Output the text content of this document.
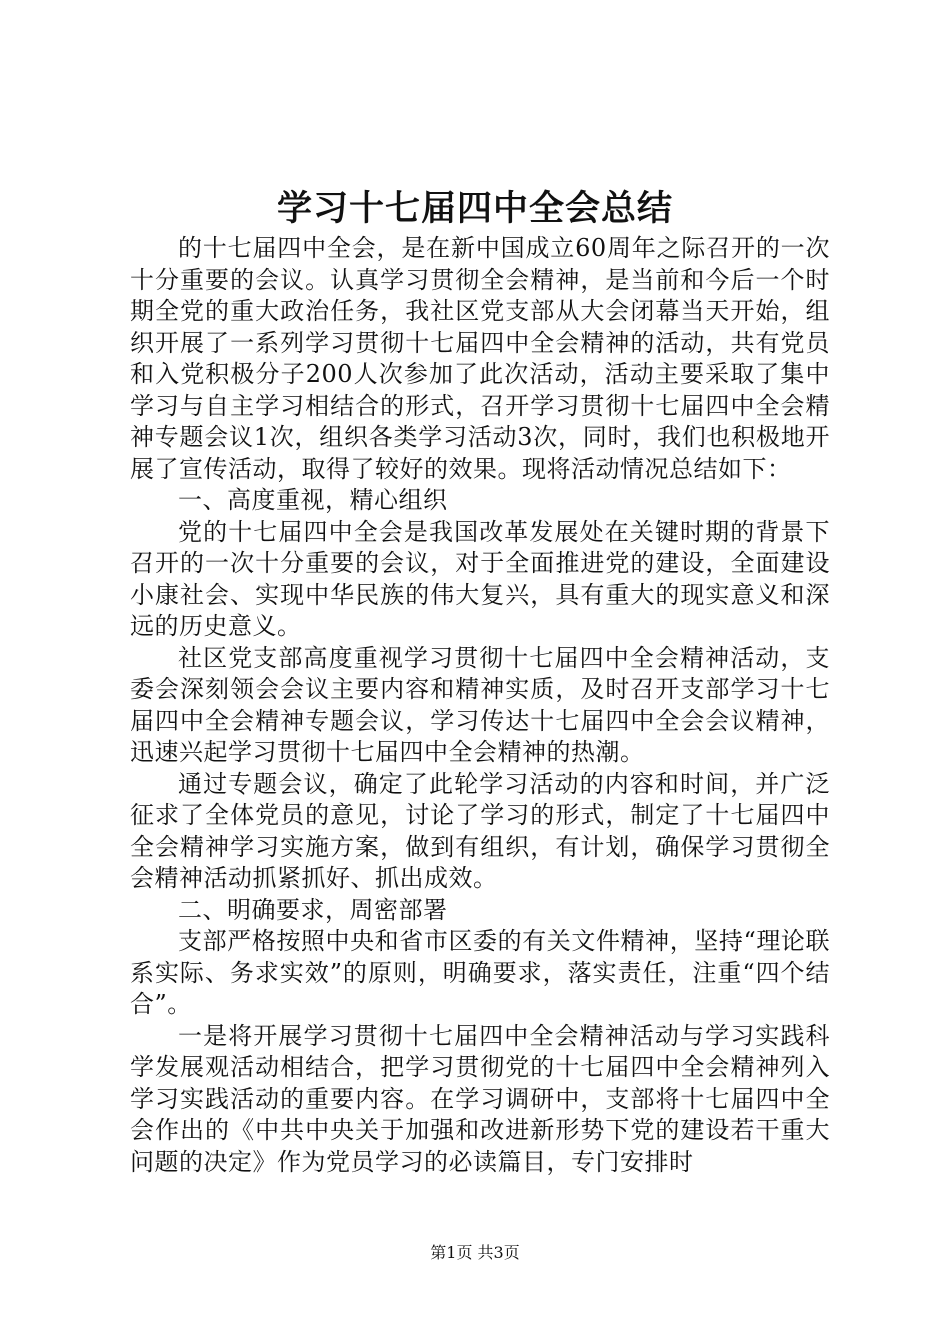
学习十七届四中全会总结

的十七届四中全会，是在新中国成立60周年之际召开的一次十分重要的会议。认真学习贯彻全会精神，是当前和今后一个时期全党的重大政治任务，我社区党支部从大会闭幕当天开始，组织开展了一系列学习贯彻十七届四中全会精神的活动，共有党员和入党积极分子200人次参加了此次活动，活动主要采取了集中学习与自主学习相结合的形式，召开学习贯彻十七届四中全会精神专题会议1次，组织各类学习活动3次，同时，我们也积极地开展了宣传活动，取得了较好的效果。现将活动情况总结如下：

一、高度重视，精心组织

党的十七届四中全会是我国改革发展处在关键时期的背景下召开的一次十分重要的会议，对于全面推进党的建设，全面建设小康社会、实现中华民族的伟大复兴，具有重大的现实意义和深远的历史意义。

社区党支部高度重视学习贯彻十七届四中全会精神活动，支委会深刻领会会议主要内容和精神实质，及时召开支部学习十七届四中全会精神专题会议，学习传达十七届四中全会会议精神，迅速兴起学习贯彻十七届四中全会精神的热潮。

通过专题会议，确定了此轮学习活动的内容和时间，并广泛征求了全体党员的意见，讨论了学习的形式，制定了十七届四中全会精神学习实施方案，做到有组织，有计划，确保学习贯彻全会精神活动抓紧抓好、抓出成效。

二、明确要求，周密部署

支部严格按照中央和省市区委的有关文件精神，坚持“理论联系实际、务求实效”的原则，明确要求，落实责任，注重“四个结合”。

一是将开展学习贯彻十七届四中全会精神活动与学习实践科学发展观活动相结合，把学习贯彻党的十七届四中全会精神列入学习实践活动的重要内容。在学习调研中，支部将十七届四中全会作出的《中共中央关于加强和改进新形势下党的建设若干重大问题的决定》作为党员学习的必读篇目，专门安排时

第1页 共3页
